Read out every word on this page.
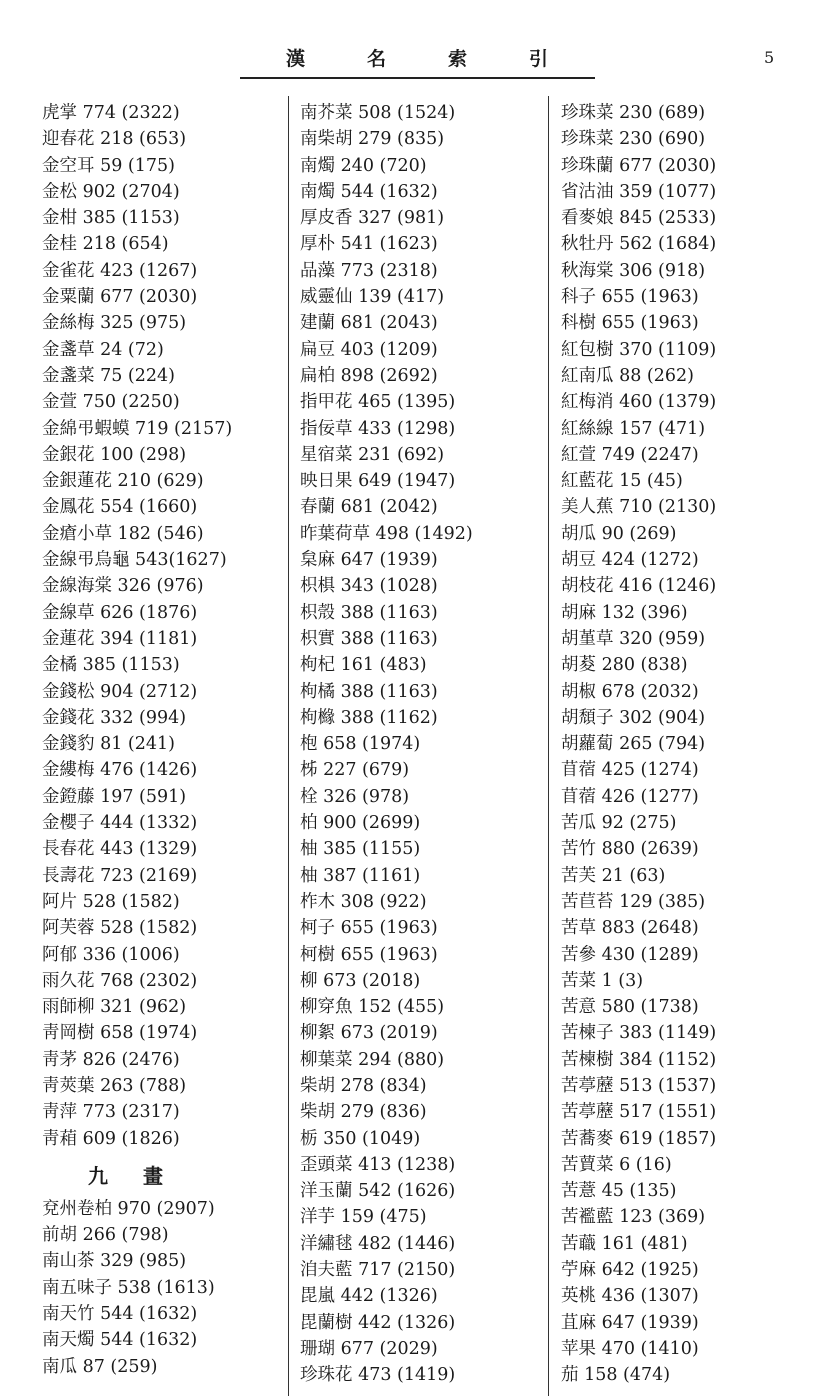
漢	名	索	引	5
虎掌 774 (2322)
迎春花 218 (653)
金空耳 59 (175)
金松 902 (2704)
金柑 385 (1153)
金桂 218 (654)
金雀花 423 (1267)
金粟蘭 677 (2030)
金絲梅 325 (975)
金盞草 24 (72)
金盞菜 75 (224)
金萱 750 (2250)
金綿弔蝦蟆 719 (2157)
金銀花 100 (298)
金銀蓮花 210 (629)
金鳳花 554 (1660)
金瘡小草 182 (546)
金線弔烏龜 543(1627)
金線海棠 326 (976)
金線草 626 (1876)
金蓮花 394 (1181)
金橘 385 (1153)
金錢松 904 (2712)
金錢花 332 (994)
金錢豹 81 (241)
金縷梅 476 (1426)
金鐙藤 197 (591)
金櫻子 444 (1332)
長春花 443 (1329)
長壽花 723 (2169)
阿片 528 (1582)
阿芙蓉 528 (1582)
阿郁 336 (1006)
雨久花 768 (2302)
雨師柳 321 (962)
靑岡樹 658 (1974)
靑茅 826 (2476)
靑莢葉 263 (788)
靑萍 773 (2317)
靑葙 609 (1826)
九 畫
兗州卷柏 970 (2907)
前胡 266 (798)
南山茶 329 (985)
南五味子 538 (1613)
南天竹 544 (1632)
南天燭 544 (1632)
南瓜 87 (259)
南芥菜 508 (1524)
南柴胡 279 (835)
南燭 240 (720)
南燭 544 (1632)
厚皮香 327 (981)
厚朴 541 (1623)
品藻 773 (2318)
威靈仙 139 (417)
建蘭 681 (2043)
扁豆 403 (1209)
扁柏 898 (2692)
指甲花 465 (1395)
指佞草 433 (1298)
星宿菜 231 (692)
映日果 649 (1947)
春蘭 681 (2042)
昨葉荷草 498 (1492)
枲麻 647 (1939)
枳椇 343 (1028)
枳殼 388 (1163)
枳實 388 (1163)
枸杞 161 (483)
枸橘 388 (1163)
枸櫞 388 (1162)
枹 658 (1974)
柹 227 (679)
栓 326 (978)
柏 900 (2699)
柚 385 (1155)
柚 387 (1161)
柞木 308 (922)
柯子 655 (1963)
柯樹 655 (1963)
柳 673 (2018)
柳穿魚 152 (455)
柳絮 673 (2019)
柳葉菜 294 (880)
柴胡 278 (834)
柴胡 279 (836)
栃 350 (1049)
歪頭菜 413 (1238)
洋玉蘭 542 (1626)
洋芋 159 (475)
洋繡毬 482 (1446)
洎夫藍 717 (2150)
毘嵐 442 (1326)
毘蘭樹 442 (1326)
珊瑚 677 (2029)
珍珠花 473 (1419)
珍珠菜 230 (689)
珍珠菜 230 (690)
珍珠蘭 677 (2030)
省沽油 359 (1077)
看麥娘 845 (2533)
秋牡丹 562 (1684)
秋海棠 306 (918)
科子 655 (1963)
科樹 655 (1963)
紅包樹 370 (1109)
紅南瓜 88 (262)
紅梅消 460 (1379)
紅絲線 157 (471)
紅萱 749 (2247)
紅藍花 15 (45)
美人蕉 710 (2130)
胡瓜 90 (269)
胡豆 424 (1272)
胡枝花 416 (1246)
胡麻 132 (396)
胡堇草 320 (959)
胡荾 280 (838)
胡椒 678 (2032)
胡頹子 302 (904)
胡蘿蔔 265 (794)
苜蓿 425 (1274)
苜蓿 426 (1277)
苦瓜 92 (275)
苦竹 880 (2639)
苦芙 21 (63)
苦苣苔 129 (385)
苦草 883 (2648)
苦參 430 (1289)
苦菜 1 (3)
苦意 580 (1738)
苦楝子 383 (1149)
苦楝樹 384 (1152)
苦葶藶 513 (1537)
苦葶藶 517 (1551)
苦蕎麥 619 (1857)
苦蕒菜 6 (16)
苦薏 45 (135)
苦襤藍 123 (369)
苦蘵 161 (481)
苧麻 642 (1925)
英桃 436 (1307)
苴麻 647 (1939)
苹果 470 (1410)
茄 158 (474)
